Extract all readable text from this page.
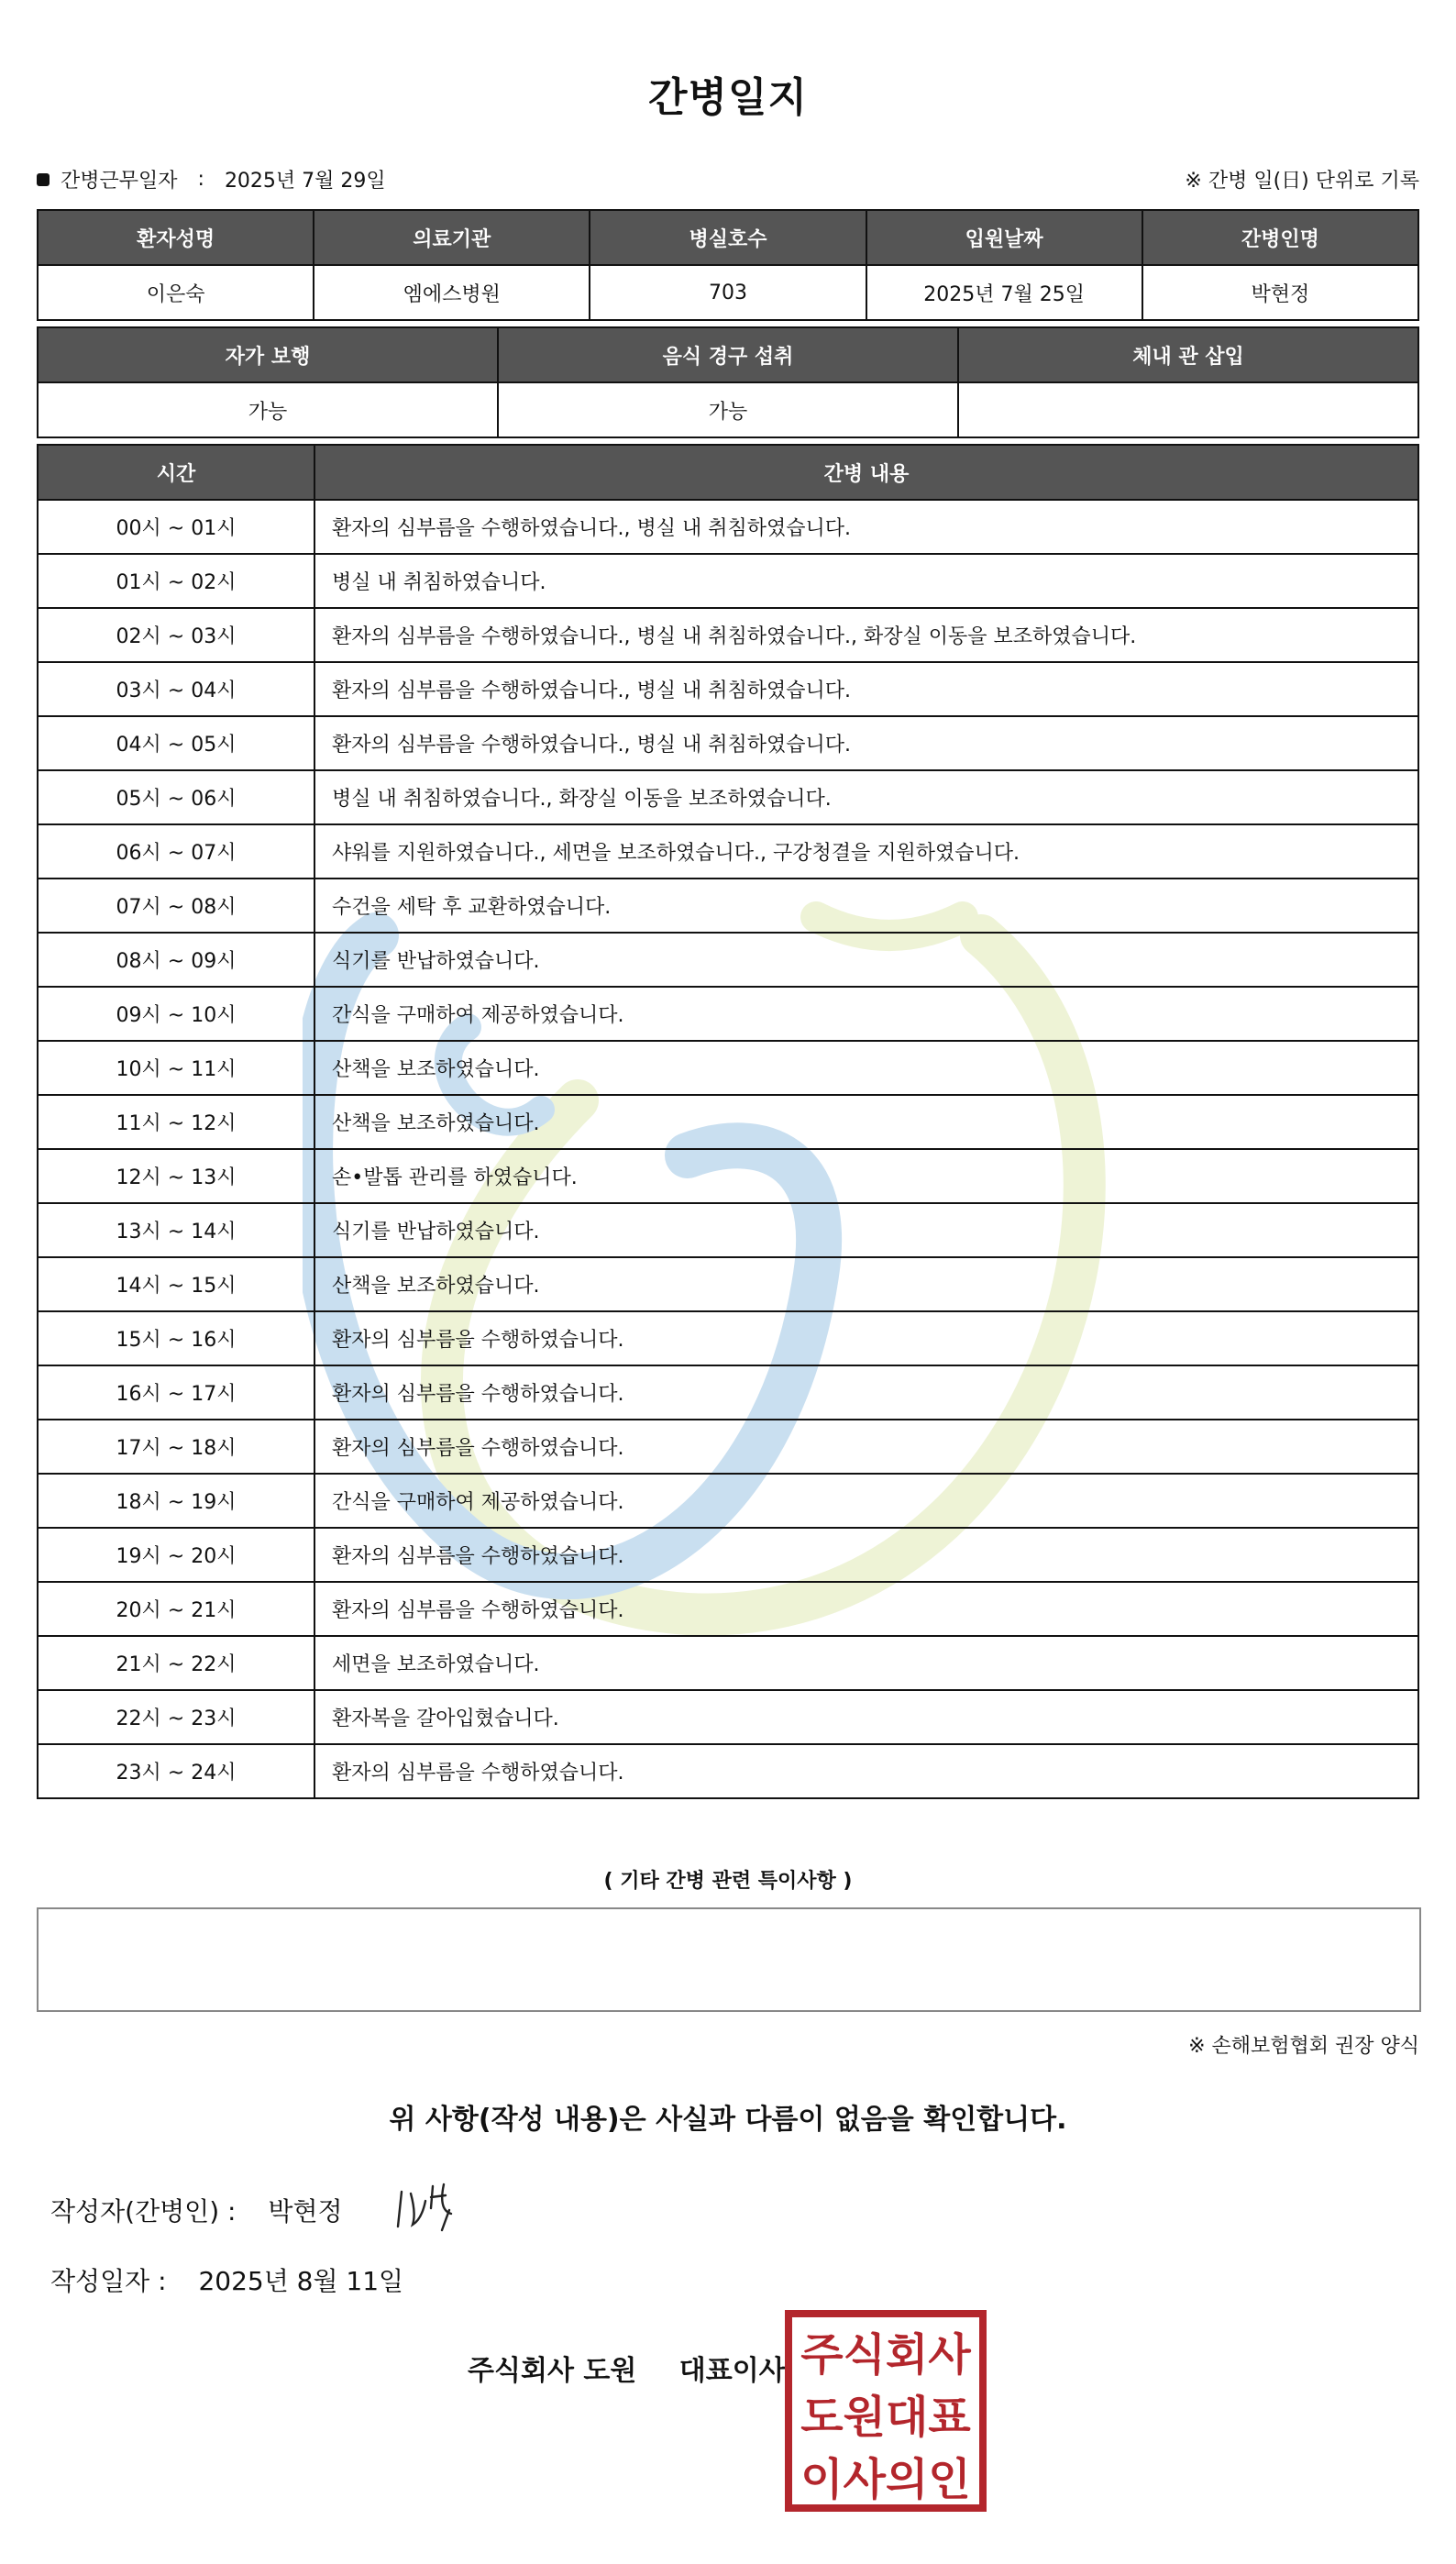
간병일지
간병근무일자 : 2025년 7월 29일	※ 간병 일(日) 단위로 기록
환자성명	의료기관	병실호수	입원날짜	간병인명
이은숙	엠에스병원	703	2025년 7월 25일	박현정
자가 보행	음식 경구 섭취	체내 관 삽입
가능	가능	
시간	간병 내용
00시 ~ 01시	환자의 심부름을 수행하였습니다., 병실 내 취침하였습니다.
01시 ~ 02시	병실 내 취침하였습니다.
02시 ~ 03시	환자의 심부름을 수행하였습니다., 병실 내 취침하였습니다., 화장실 이동을 보조하였습니다.
03시 ~ 04시	환자의 심부름을 수행하였습니다., 병실 내 취침하였습니다.
04시 ~ 05시	환자의 심부름을 수행하였습니다., 병실 내 취침하였습니다.
05시 ~ 06시	병실 내 취침하였습니다., 화장실 이동을 보조하였습니다.
06시 ~ 07시	샤워를 지원하였습니다., 세면을 보조하였습니다., 구강청결을 지원하였습니다.
07시 ~ 08시	수건을 세탁 후 교환하였습니다.
08시 ~ 09시	식기를 반납하였습니다.
09시 ~ 10시	간식을 구매하여 제공하였습니다.
10시 ~ 11시	산책을 보조하였습니다.
11시 ~ 12시	산책을 보조하였습니다.
12시 ~ 13시	손•발톱 관리를 하였습니다.
13시 ~ 14시	식기를 반납하였습니다.
14시 ~ 15시	산책을 보조하였습니다.
15시 ~ 16시	환자의 심부름을 수행하였습니다.
16시 ~ 17시	환자의 심부름을 수행하였습니다.
17시 ~ 18시	환자의 심부름을 수행하였습니다.
18시 ~ 19시	간식을 구매하여 제공하였습니다.
19시 ~ 20시	환자의 심부름을 수행하였습니다.
20시 ~ 21시	환자의 심부름을 수행하였습니다.
21시 ~ 22시	세면을 보조하였습니다.
22시 ~ 23시	환자복을 갈아입혔습니다.
23시 ~ 24시	환자의 심부름을 수행하였습니다.
( 기타 간병 관련 특이사항 )
※ 손해보험협회 권장 양식
위 사항(작성 내용)은 사실과 다름이 없음을 확인합니다.
작성자(간병인) : 박현정
작성일자 : 2025년 8월 11일
주식회사 도원 대표이사 주식회사
도원대표
이사의인
